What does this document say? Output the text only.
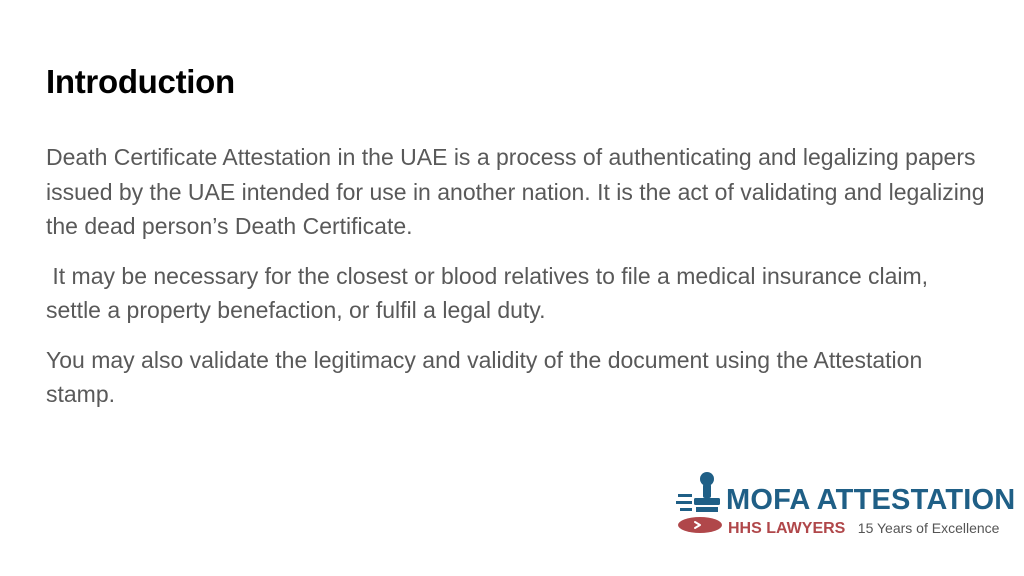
Introduction

Death Certificate Attestation in the UAE is a process of authenticating and legalizing papers issued by the UAE intended for use in another nation. It is the act of validating and legalizing the dead person’s Death Certificate.

It may be necessary for the closest or blood relatives to file a medical insurance claim, settle a property benefaction, or fulfil a legal duty.

You may also validate the legitimacy and validity of the document using the Attestation stamp.

MOFA ATTESTATION
HHS LAWYERS 15 Years of Excellence
